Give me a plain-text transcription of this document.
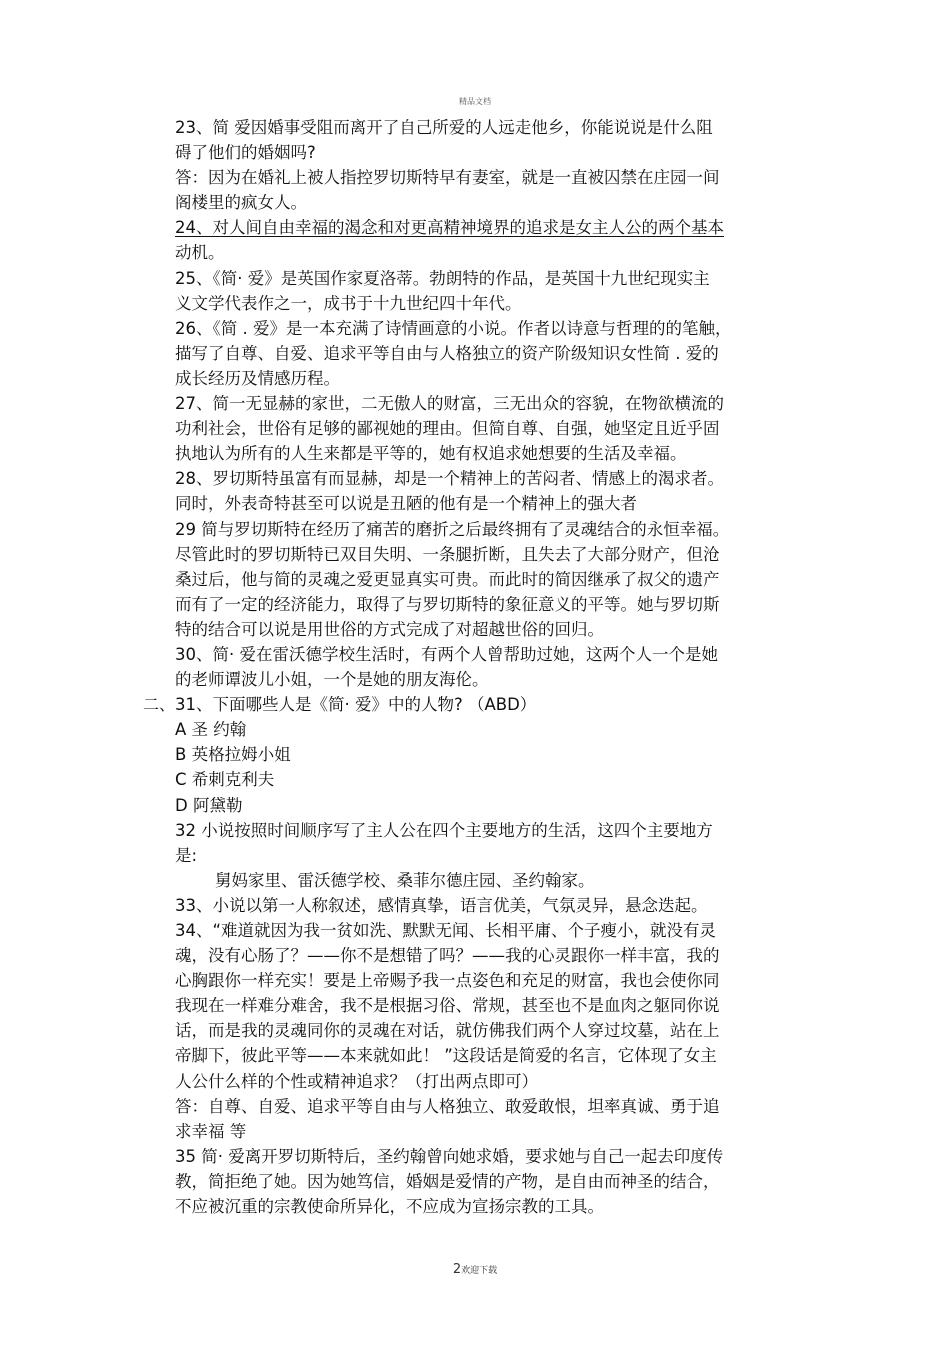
精品文档
23、简 爱因婚事受阻而离开了自己所爱的人远走他乡，你能说说是什么阻
碍了他们的婚姻吗?
答：因为在婚礼上被人指控罗切斯特早有妻室，就是一直被囚禁在庄园一间
阁楼里的疯女人。
24、对人间自由幸福的渴念和对更高精神境界的追求是女主人公的两个基本
动机。
25、《简· 爱》是英国作家夏洛蒂。勃朗特的作品，是英国十九世纪现实主
义文学代表作之一，成书于十九世纪四十年代。
26、《简 . 爱》是一本充满了诗情画意的小说。作者以诗意与哲理的的笔触，
描写了自尊、自爱、追求平等自由与人格独立的资产阶级知识女性简 . 爱的
成长经历及情感历程。
27、简一无显赫的家世，二无傲人的财富，三无出众的容貌，在物欲横流的
功利社会，世俗有足够的鄙视她的理由。但简自尊、自强，她坚定且近乎固
执地认为所有的人生来都是平等的，她有权追求她想要的生活及幸福。
28、罗切斯特虽富有而显赫，却是一个精神上的苦闷者、情感上的渴求者。
同时，外表奇特甚至可以说是丑陋的他有是一个精神上的强大者
29 简与罗切斯特在经历了痛苦的磨折之后最终拥有了灵魂结合的永恒幸福。
尽管此时的罗切斯特已双目失明、一条腿折断，且失去了大部分财产，但沧
桑过后，他与简的灵魂之爱更显真实可贵。而此时的简因继承了叔父的遗产
而有了一定的经济能力，取得了与罗切斯特的象征意义的平等。她与罗切斯
特的结合可以说是用世俗的方式完成了对超越世俗的回归。
30、简· 爱在雷沃德学校生活时，有两个人曾帮助过她，这两个人一个是她
的老师谭波儿小姐，一个是她的朋友海伦。
二、 31、下面哪些人是《简· 爱》中的人物? （ABD）
A 圣 约翰
B 英格拉姆小姐
C 希刺克利夫
D 阿黛勒
32 小说按照时间顺序写了主人公在四个主要地方的生活，这四个主要地方
是:
舅妈家里、雷沃德学校、桑菲尔德庄园、圣约翰家。
33、小说以第一人称叙述，感情真挚，语言优美，气氛灵异，悬念迭起。
34、“难道就因为我一贫如洗、默默无闻、长相平庸、个子瘦小，就没有灵
魂，没有心肠了？——你不是想错了吗？——我的心灵跟你一样丰富，我的
心胸跟你一样充实！要是上帝赐予我一点姿色和充足的财富，我也会使你同
我现在一样难分难舍，我不是根据习俗、常规，甚至也不是血肉之躯同你说
话，而是我的灵魂同你的灵魂在对话，就仿佛我们两个人穿过坟墓，站在上
帝脚下，彼此平等——本来就如此！ ”这段话是简爱的名言，它体现了女主
人公什么样的个性或精神追求？（打出两点即可）
答：自尊、自爱、追求平等自由与人格独立、敢爱敢恨，坦率真诚、勇于追
求幸福 等
35 简· 爱离开罗切斯特后，圣约翰曾向她求婚，要求她与自己一起去印度传
教，简拒绝了她。因为她笃信，婚姻是爱情的产物，是自由而神圣的结合，
不应被沉重的宗教使命所异化，不应成为宣扬宗教的工具。
2欢迎下载
